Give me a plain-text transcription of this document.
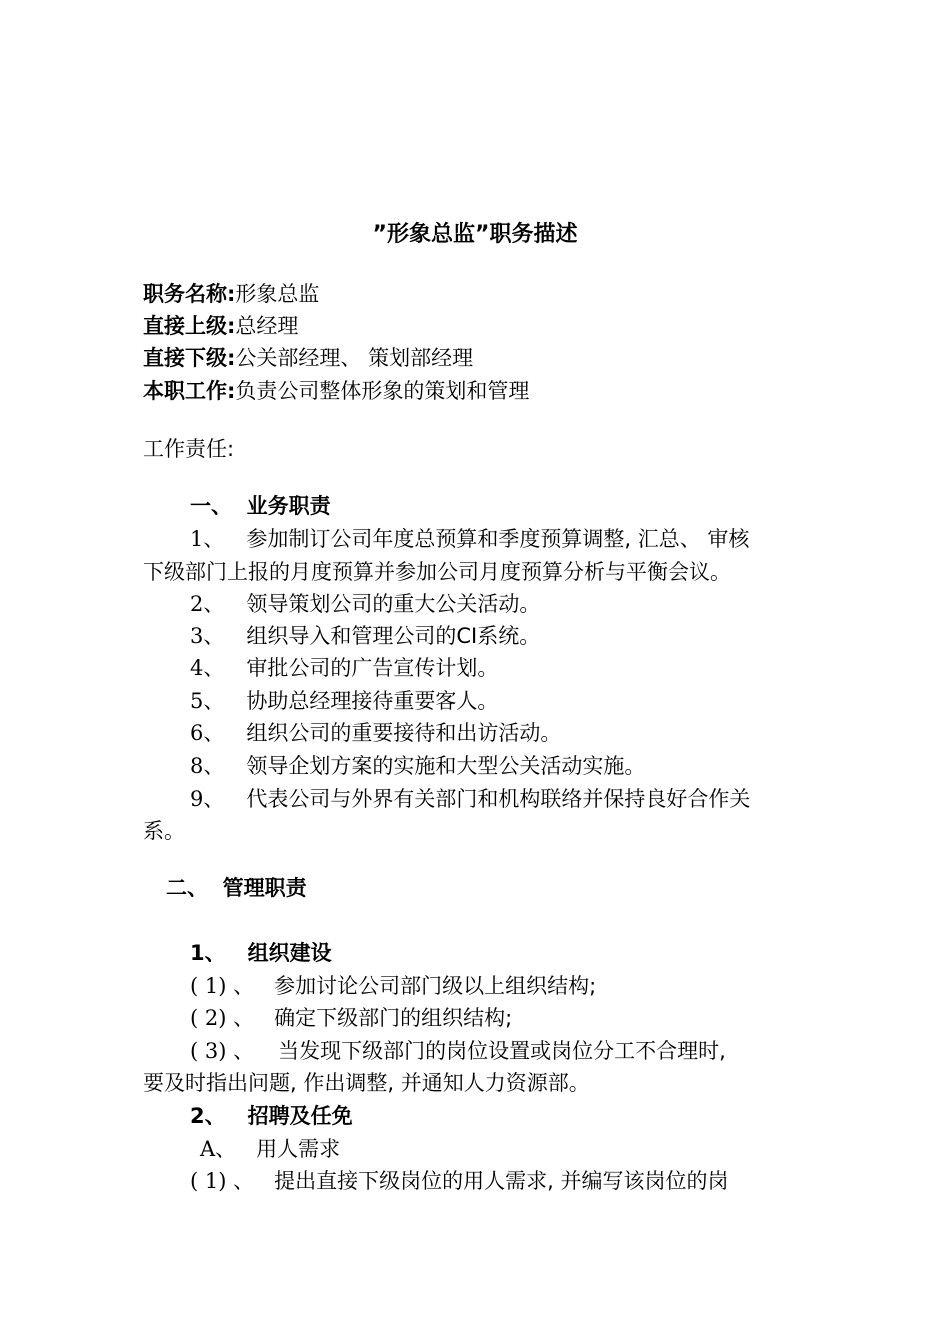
”形象总监”职务描述
职务名称:形象总监
直接上级:总经理
直接下级:公关部经理、 策划部经理
本职工作:负责公司整体形象的策划和管理
工作责任:
一、  业务职责
1、 参加制订公司年度总预算和季度预算调整, 汇总、 审核
下级部门上报的月度预算并参加公司月度预算分析与平衡会议。
2、 领导策划公司的重大公关活动。
3、 组织导入和管理公司的CI系统。
4、 审批公司的广告宣传计划。
5、 协助总经理接待重要客人。
6、 组织公司的重要接待和出访活动。
8、 领导企划方案的实施和大型公关活动实施。
9、 代表公司与外界有关部门和机构联络并保持良好合作关
系。
二、  管理职责
1、 组织建设
( 1) 、 参加讨论公司部门级以上组织结构;
( 2) 、 确定下级部门的组织结构;
( 3) 、 当发现下级部门的岗位设置或岗位分工不合理时,
要及时指出问题, 作出调整, 并通知人力资源部。
2、 招聘及任免
A、 用人需求
( 1) 、 提出直接下级岗位的用人需求, 并编写该岗位的岗
